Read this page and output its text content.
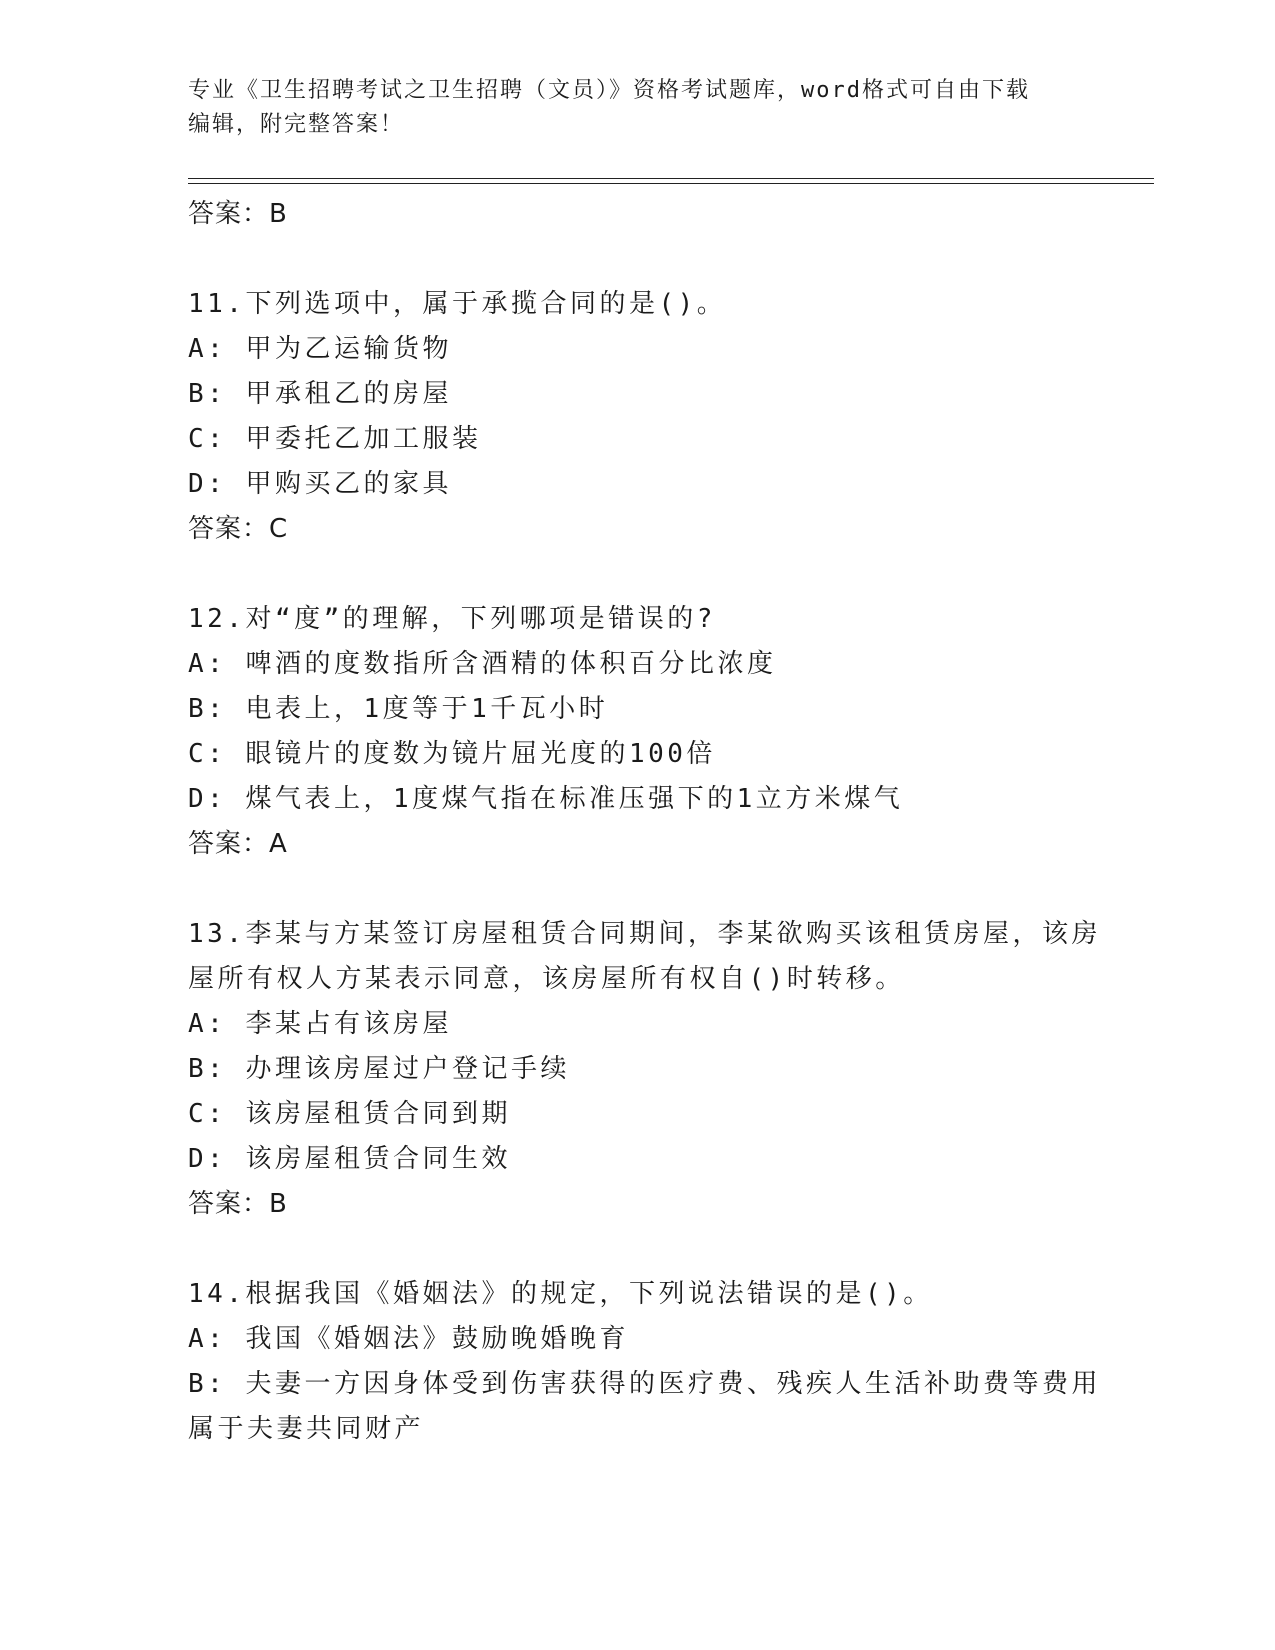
专业《卫生招聘考试之卫生招聘（文员）》资格考试题库，word格式可自由下载
编辑，附完整答案！
答案：B
11.下列选项中，属于承揽合同的是()。
A: 甲为乙运输货物
B: 甲承租乙的房屋
C: 甲委托乙加工服装
D: 甲购买乙的家具
答案：C
12.对“度”的理解，下列哪项是错误的?
A: 啤酒的度数指所含酒精的体积百分比浓度
B: 电表上，1度等于1千瓦小时
C: 眼镜片的度数为镜片屈光度的100倍
D: 煤气表上，1度煤气指在标准压强下的1立方米煤气
答案：A
13.李某与方某签订房屋租赁合同期间，李某欲购买该租赁房屋，该房
屋所有权人方某表示同意，该房屋所有权自()时转移。
A: 李某占有该房屋
B: 办理该房屋过户登记手续
C: 该房屋租赁合同到期
D: 该房屋租赁合同生效
答案：B
14.根据我国《婚姻法》的规定，下列说法错误的是()。
A: 我国《婚姻法》鼓励晚婚晚育
B: 夫妻一方因身体受到伤害获得的医疗费、残疾人生活补助费等费用
属于夫妻共同财产
